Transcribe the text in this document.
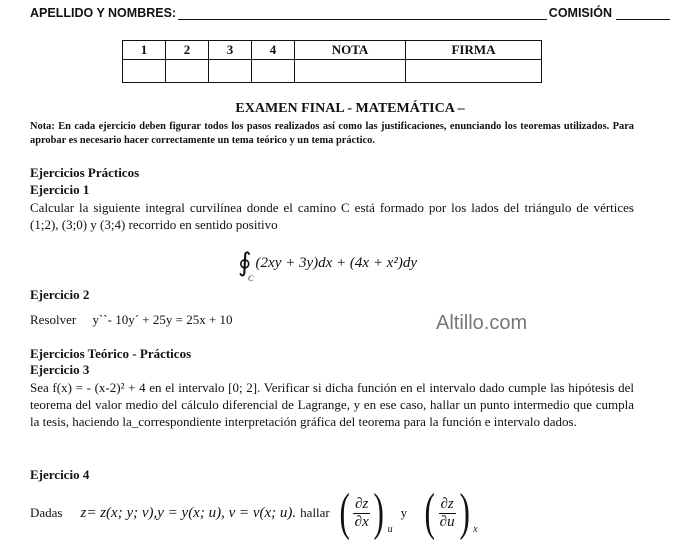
APELLIDO Y NOMBRES:	COMISIÓN
1	2	3	4	NOTA	FIRMA

EXAMEN FINAL - MATEMÁTICA –
Nota: En cada ejercicio deben figurar todos los pasos realizados así como las justificaciones, enunciando los teoremas utilizados. Para aprobar es necesario hacer correctamente un tema teórico y un tema práctico.
Ejercicios Prácticos
Ejercicio 1
Calcular la siguiente integral curvilínea donde el camino C está formado por los lados del triángulo de vértices (1;2), (3;0) y (3;4) recorrido en sentido positivo
∮
C
(2xy + 3y)dx + (4x + x²)dy
Ejercicio 2
Resolver     y``- 10y´ + 25y = 25x + 10	Altillo.com
Ejercicios Teórico - Prácticos
Ejercicio 3
Sea f(x) = - (x-2)² + 4 en el intervalo [0; 2]. Verificar si dicha función en el intervalo dado cumple las hipótesis del teorema del valor medio del cálculo diferencial de Lagrange, y en ese caso, hallar un punto intermedio que cumpla la tesis, haciendo la_correspondiente interpretación gráfica del teorema para la función e intervalo dados.
Ejercicio 4
Dadas z= z(x; y; v),y = y(x; u), v = v(x; u). hallar ( $\frac{\partial z}{\partial x}$ ) u
y ( $\frac{\partial z}{\partial u}$ ) x
